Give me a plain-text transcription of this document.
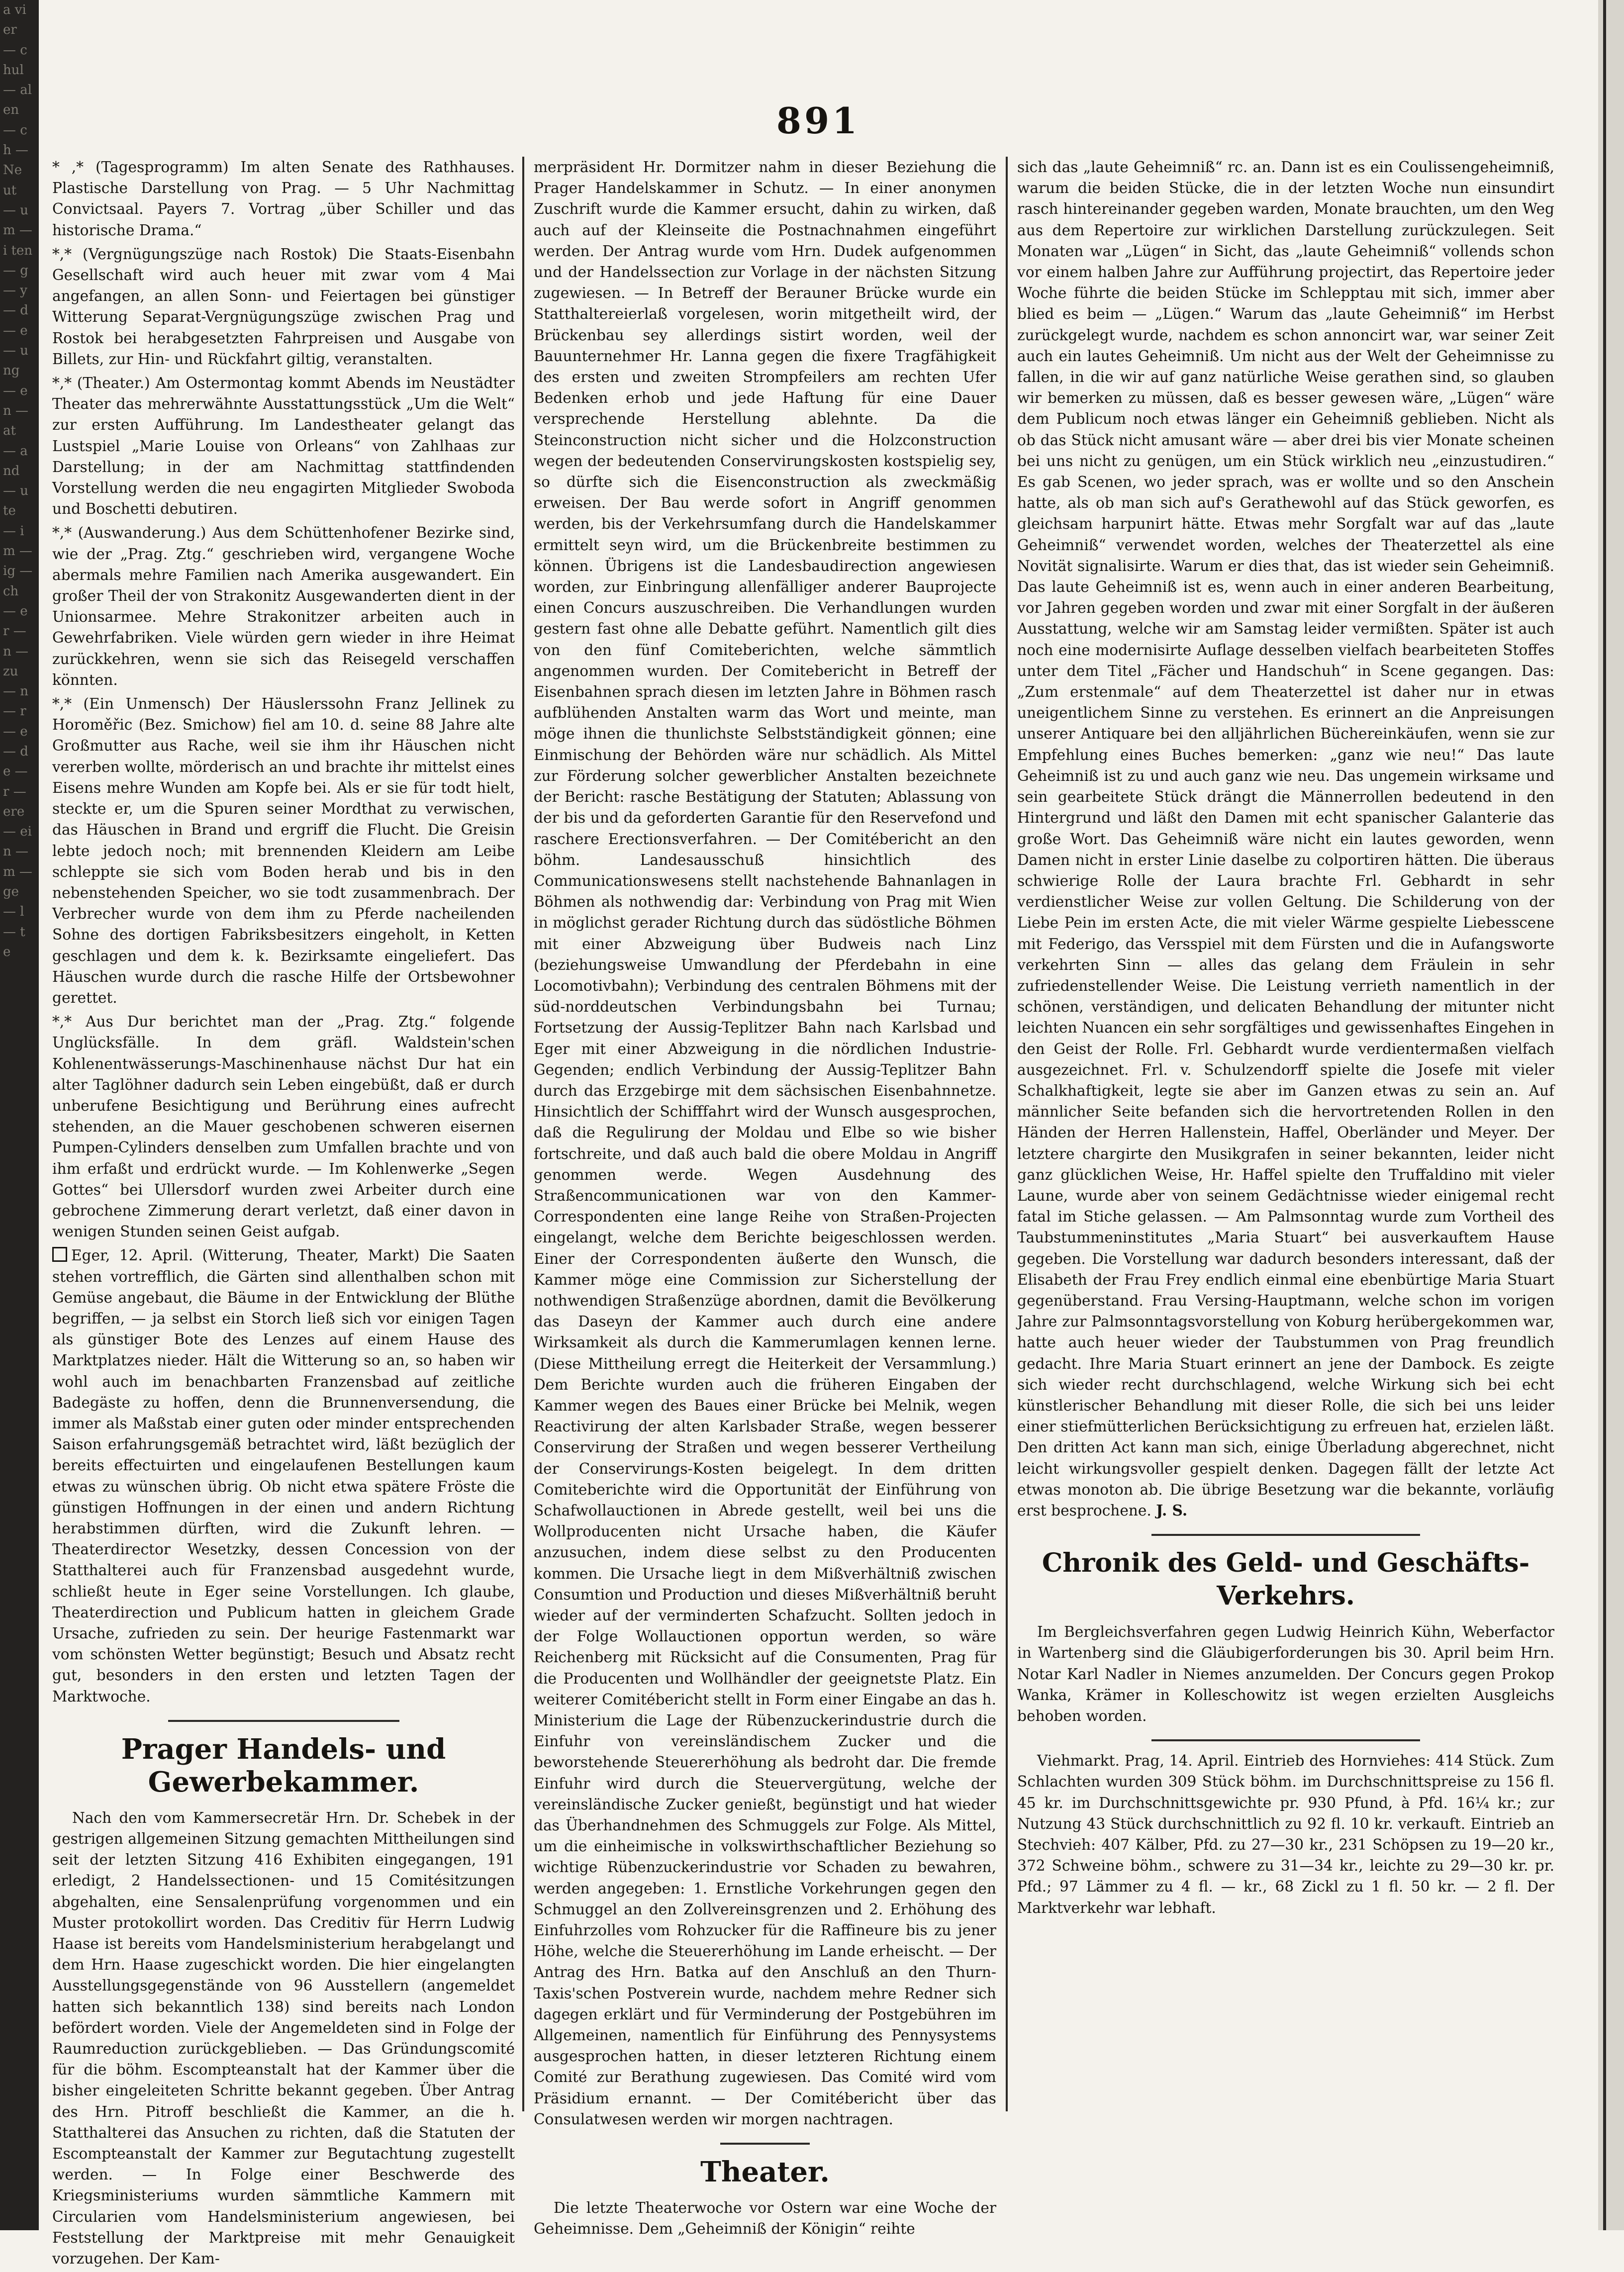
a vier — chul — alen — ch — Ne ut — um — i ten — g — y — d — e — ung — en — at — and — ute — im — ig — ch — er — n — zu — n — r — e — de — r — ere — ein — m — ge — l — te
891

* ,* (Tagesprogramm) Im alten Senate des Rathhauses. Plastische Darstellung von Prag. — 5 Uhr Nachmittag Convictsaal. Payers 7. Vortrag „über Schiller und das historische Drama.“

*,* (Vergnügungszüge nach Rostok) Die Staats-Eisenbahn Gesellschaft wird auch heuer mit zwar vom 4 Mai angefangen, an allen Sonn- und Feiertagen bei günstiger Witterung Separat-Vergnügungszüge zwischen Prag und Rostok bei herabgesetzten Fahrpreisen und Ausgabe von Billets, zur Hin- und Rückfahrt giltig, veranstalten.

*,* (Theater.) Am Ostermontag kommt Abends im Neustädter Theater das mehrerwähnte Ausstattungsstück „Um die Welt“ zur ersten Aufführung. Im Landestheater gelangt das Lustspiel „Marie Louise von Orleans“ von Zahlhaas zur Darstellung; in der am Nachmittag stattfindenden Vorstellung werden die neu engagirten Mitglieder Swoboda und Boschetti debutiren.

*,* (Auswanderung.) Aus dem Schüttenhofener Bezirke sind, wie der „Prag. Ztg.“ geschrieben wird, vergangene Woche abermals mehre Familien nach Amerika ausgewandert. Ein großer Theil der von Strakonitz Ausgewanderten dient in der Unionsarmee. Mehre Strakonitzer arbeiten auch in Gewehrfabriken. Viele würden gern wieder in ihre Heimat zurückkehren, wenn sie sich das Reisegeld verschaffen könnten.

*,* (Ein Unmensch) Der Häuslerssohn Franz Jellinek zu Horoměřic (Bez. Smichow) fiel am 10. d. seine 88 Jahre alte Großmutter aus Rache, weil sie ihm ihr Häuschen nicht vererben wollte, mörderisch an und brachte ihr mittelst eines Eisens mehre Wunden am Kopfe bei. Als er sie für todt hielt, steckte er, um die Spuren seiner Mordthat zu verwischen, das Häuschen in Brand und ergriff die Flucht. Die Greisin lebte jedoch noch; mit brennenden Kleidern am Leibe schleppte sie sich vom Boden herab und bis in den nebenstehenden Speicher, wo sie todt zusammenbrach. Der Verbrecher wurde von dem ihm zu Pferde nacheilenden Sohne des dortigen Fabriksbesitzers eingeholt, in Ketten geschlagen und dem k. k. Bezirksamte eingeliefert. Das Häuschen wurde durch die rasche Hilfe der Ortsbewohner gerettet.

*,* Aus Dur berichtet man der „Prag. Ztg.“ folgende Unglücksfälle. In dem gräfl. Waldstein'schen Kohlenentwässerungs-Maschinenhause nächst Dur hat ein alter Taglöhner dadurch sein Leben eingebüßt, daß er durch unberufene Besichtigung und Berührung eines aufrecht stehenden, an die Mauer geschobenen schweren eisernen Pumpen-Cylinders denselben zum Umfallen brachte und von ihm erfaßt und erdrückt wurde. — Im Kohlenwerke „Segen Gottes“ bei Ullersdorf wurden zwei Arbeiter durch eine gebrochene Zimmerung derart verletzt, daß einer davon in wenigen Stunden seinen Geist aufgab.

Eger, 12. April. (Witterung, Theater, Markt) Die Saaten stehen vortrefflich, die Gärten sind allenthalben schon mit Gemüse angebaut, die Bäume in der Entwicklung der Blüthe begriffen, — ja selbst ein Storch ließ sich vor einigen Tagen als günstiger Bote des Lenzes auf einem Hause des Marktplatzes nieder. Hält die Witterung so an, so haben wir wohl auch im benachbarten Franzensbad auf zeitliche Badegäste zu hoffen, denn die Brunnenversendung, die immer als Maßstab einer guten oder minder entsprechenden Saison erfahrungsgemäß betrachtet wird, läßt bezüglich der bereits effectuirten und eingelaufenen Bestellungen kaum etwas zu wünschen übrig. Ob nicht etwa spätere Fröste die günstigen Hoffnungen in der einen und andern Richtung herabstimmen dürften, wird die Zukunft lehren. — Theaterdirector Wesetzky, dessen Concession von der Statthalterei auch für Franzensbad ausgedehnt wurde, schließt heute in Eger seine Vorstellungen. Ich glaube, Theaterdirection und Publicum hatten in gleichem Grade Ursache, zufrieden zu sein. Der heurige Fastenmarkt war vom schönsten Wetter begünstigt; Besuch und Absatz recht gut, besonders in den ersten und letzten Tagen der Marktwoche.

Prager Handels- und Gewerbekammer.

Nach den vom Kammersecretär Hrn. Dr. Schebek in der gestrigen allgemeinen Sitzung gemachten Mittheilungen sind seit der letzten Sitzung 416 Exhibiten eingegangen, 191 erledigt, 2 Handelssectionen- und 15 Comitésitzungen abgehalten, eine Sensalenprüfung vorgenommen und ein Muster protokollirt worden. Das Creditiv für Herrn Ludwig Haase ist bereits vom Handelsministerium herabgelangt und dem Hrn. Haase zugeschickt worden. Die hier eingelangten Ausstellungsgegenstände von 96 Ausstellern (angemeldet hatten sich bekanntlich 138) sind bereits nach London befördert worden. Viele der Angemeldeten sind in Folge der Raumreduction zurückgeblieben. — Das Gründungscomité für die böhm. Escompteanstalt hat der Kammer über die bisher eingeleiteten Schritte bekannt gegeben. Über Antrag des Hrn. Pitroff beschließt die Kammer, an die h. Statthalterei das Ansuchen zu richten, daß die Statuten der Escompteanstalt der Kammer zur Begutachtung zugestellt werden. — In Folge einer Beschwerde des Kriegsministeriums wurden sämmtliche Kammern mit Circularien vom Handelsministerium angewiesen, bei Feststellung der Marktpreise mit mehr Genauigkeit vorzugehen. Der Kam-

merpräsident Hr. Dormitzer nahm in dieser Beziehung die Prager Handelskammer in Schutz. — In einer anonymen Zuschrift wurde die Kammer ersucht, dahin zu wirken, daß auch auf der Kleinseite die Postnachnahmen eingeführt werden. Der Antrag wurde vom Hrn. Dudek aufgenommen und der Handelssection zur Vorlage in der nächsten Sitzung zugewiesen. — In Betreff der Berauner Brücke wurde ein Statthaltereierlaß vorgelesen, worin mitgetheilt wird, der Brückenbau sey allerdings sistirt worden, weil der Bauunternehmer Hr. Lanna gegen die fixere Tragfähigkeit des ersten und zweiten Strompfeilers am rechten Ufer Bedenken erhob und jede Haftung für eine Dauer versprechende Herstellung ablehnte. Da die Steinconstruction nicht sicher und die Holzconstruction wegen der bedeutenden Conservirungskosten kostspielig sey, so dürfte sich die Eisenconstruction als zweckmäßig erweisen. Der Bau werde sofort in Angriff genommen werden, bis der Verkehrsumfang durch die Handelskammer ermittelt seyn wird, um die Brückenbreite bestimmen zu können. Übrigens ist die Landesbaudirection angewiesen worden, zur Einbringung allenfälliger anderer Bauprojecte einen Concurs auszuschreiben. Die Verhandlungen wurden gestern fast ohne alle Debatte geführt. Namentlich gilt dies von den fünf Comiteberichten, welche sämmtlich angenommen wurden. Der Comitebericht in Betreff der Eisenbahnen sprach diesen im letzten Jahre in Böhmen rasch aufblühenden Anstalten warm das Wort und meinte, man möge ihnen die thunlichste Selbstständigkeit gönnen; eine Einmischung der Behörden wäre nur schädlich. Als Mittel zur Förderung solcher gewerblicher Anstalten bezeichnete der Bericht: rasche Bestätigung der Statuten; Ablassung von der bis und da geforderten Garantie für den Reservefond und raschere Erectionsverfahren. — Der Comitébericht an den böhm. Landesausschuß hinsichtlich des Communicationswesens stellt nachstehende Bahnanlagen in Böhmen als nothwendig dar: Verbindung von Prag mit Wien in möglichst gerader Richtung durch das südöstliche Böhmen mit einer Abzweigung über Budweis nach Linz (beziehungsweise Umwandlung der Pferdebahn in eine Locomotivbahn); Verbindung des centralen Böhmens mit der süd-norddeutschen Verbindungsbahn bei Turnau; Fortsetzung der Aussig-Teplitzer Bahn nach Karlsbad und Eger mit einer Abzweigung in die nördlichen Industrie-Gegenden; endlich Verbindung der Aussig-Teplitzer Bahn durch das Erzgebirge mit dem sächsischen Eisenbahnnetze. Hinsichtlich der Schifffahrt wird der Wunsch ausgesprochen, daß die Regulirung der Moldau und Elbe so wie bisher fortschreite, und daß auch bald die obere Moldau in Angriff genommen werde. Wegen Ausdehnung des Straßencommunicationen war von den Kammer-Correspondenten eine lange Reihe von Straßen-Projecten eingelangt, welche dem Berichte beigeschlossen werden. Einer der Correspondenten äußerte den Wunsch, die Kammer möge eine Commission zur Sicherstellung der nothwendigen Straßenzüge abordnen, damit die Bevölkerung das Daseyn der Kammer auch durch eine andere Wirksamkeit als durch die Kammerumlagen kennen lerne. (Diese Mittheilung erregt die Heiterkeit der Versammlung.) Dem Berichte wurden auch die früheren Eingaben der Kammer wegen des Baues einer Brücke bei Melnik, wegen Reactivirung der alten Karlsbader Straße, wegen besserer Conservirung der Straßen und wegen besserer Vertheilung der Conservirungs-Kosten beigelegt. In dem dritten Comiteberichte wird die Opportunität der Einführung von Schafwollauctionen in Abrede gestellt, weil bei uns die Wollproducenten nicht Ursache haben, die Käufer anzusuchen, indem diese selbst zu den Producenten kommen. Die Ursache liegt in dem Mißverhältniß zwischen Consumtion und Production und dieses Mißverhältniß beruht wieder auf der verminderten Schafzucht. Sollten jedoch in der Folge Wollauctionen opportun werden, so wäre Reichenberg mit Rücksicht auf die Consumenten, Prag für die Producenten und Wollhändler der geeignetste Platz. Ein weiterer Comitébericht stellt in Form einer Eingabe an das h. Ministerium die Lage der Rübenzuckerindustrie durch die Einfuhr von vereinsländischem Zucker und die beworstehende Steuererhöhung als bedroht dar. Die fremde Einfuhr wird durch die Steuervergütung, welche der vereinsländische Zucker genießt, begünstigt und hat wieder das Überhandnehmen des Schmuggels zur Folge. Als Mittel, um die einheimische in volkswirthschaftlicher Beziehung so wichtige Rübenzuckerindustrie vor Schaden zu bewahren, werden angegeben: 1. Ernstliche Vorkehrungen gegen den Schmuggel an den Zollvereinsgrenzen und 2. Erhöhung des Einfuhrzolles vom Rohzucker für die Raffineure bis zu jener Höhe, welche die Steuererhöhung im Lande erheischt. — Der Antrag des Hrn. Batka auf den Anschluß an den Thurn-Taxis'schen Postverein wurde, nachdem mehre Redner sich dagegen erklärt und für Verminderung der Postgebühren im Allgemeinen, namentlich für Einführung des Pennysystems ausgesprochen hatten, in dieser letzteren Richtung einem Comité zur Berathung zugewiesen. Das Comité wird vom Präsidium ernannt. — Der Comitébericht über das Consulatwesen werden wir morgen nachtragen.

Theater.

Die letzte Theaterwoche vor Ostern war eine Woche der Geheimnisse. Dem „Geheimniß der Königin“ reihte

sich das „laute Geheimniß“ rc. an. Dann ist es ein Coulissengeheimniß, warum die beiden Stücke, die in der letzten Woche nun einsundirt rasch hintereinander gegeben warden, Monate brauchten, um den Weg aus dem Repertoire zur wirklichen Darstellung zurückzulegen. Seit Monaten war „Lügen“ in Sicht, das „laute Geheimniß“ vollends schon vor einem halben Jahre zur Aufführung projectirt, das Repertoire jeder Woche führte die beiden Stücke im Schlepptau mit sich, immer aber blied es beim — „Lügen.“ Warum das „laute Geheimniß“ im Herbst zurückgelegt wurde, nachdem es schon annoncirt war, war seiner Zeit auch ein lautes Geheimniß. Um nicht aus der Welt der Geheimnisse zu fallen, in die wir auf ganz natürliche Weise gerathen sind, so glauben wir bemerken zu müssen, daß es besser gewesen wäre, „Lügen“ wäre dem Publicum noch etwas länger ein Geheimniß geblieben. Nicht als ob das Stück nicht amusant wäre — aber drei bis vier Monate scheinen bei uns nicht zu genügen, um ein Stück wirklich neu „einzustudiren.“ Es gab Scenen, wo jeder sprach, was er wollte und so den Anschein hatte, als ob man sich auf's Gerathewohl auf das Stück geworfen, es gleichsam harpunirt hätte. Etwas mehr Sorgfalt war auf das „laute Geheimniß“ verwendet worden, welches der Theaterzettel als eine Novität signalisirte. Warum er dies that, das ist wieder sein Geheimniß. Das laute Geheimniß ist es, wenn auch in einer anderen Bearbeitung, vor Jahren gegeben worden und zwar mit einer Sorgfalt in der äußeren Ausstattung, welche wir am Samstag leider vermißten. Später ist auch noch eine modernisirte Auflage desselben vielfach bearbeiteten Stoffes unter dem Titel „Fächer und Handschuh“ in Scene gegangen. Das: „Zum erstenmale“ auf dem Theaterzettel ist daher nur in etwas uneigentlichem Sinne zu verstehen. Es erinnert an die Anpreisungen unserer Antiquare bei den alljährlichen Büchereinkäufen, wenn sie zur Empfehlung eines Buches bemerken: „ganz wie neu!“ Das laute Geheimniß ist zu und auch ganz wie neu. Das ungemein wirksame und sein gearbeitete Stück drängt die Männerrollen bedeutend in den Hintergrund und läßt den Damen mit echt spanischer Galanterie das große Wort. Das Geheimniß wäre nicht ein lautes geworden, wenn Damen nicht in erster Linie daselbe zu colportiren hätten. Die überaus schwierige Rolle der Laura brachte Frl. Gebhardt in sehr verdienstlicher Weise zur vollen Geltung. Die Schilderung von der Liebe Pein im ersten Acte, die mit vieler Wärme gespielte Liebesscene mit Federigo, das Versspiel mit dem Fürsten und die in Aufangsworte verkehrten Sinn — alles das gelang dem Fräulein in sehr zufriedenstellender Weise. Die Leistung verrieth namentlich in der schönen, verständigen, und delicaten Behandlung der mitunter nicht leichten Nuancen ein sehr sorgfältiges und gewissenhaftes Eingehen in den Geist der Rolle. Frl. Gebhardt wurde verdientermaßen vielfach ausgezeichnet. Frl. v. Schulzendorff spielte die Josefe mit vieler Schalkhaftigkeit, legte sie aber im Ganzen etwas zu sein an. Auf männlicher Seite befanden sich die hervortretenden Rollen in den Händen der Herren Hallenstein, Haffel, Oberländer und Meyer. Der letztere chargirte den Musikgrafen in seiner bekannten, leider nicht ganz glücklichen Weise, Hr. Haffel spielte den Truffaldino mit vieler Laune, wurde aber von seinem Gedächtnisse wieder einigemal recht fatal im Stiche gelassen. — Am Palmsonntag wurde zum Vortheil des Taubstummeninstitutes „Maria Stuart“ bei ausverkauftem Hause gegeben. Die Vorstellung war dadurch besonders interessant, daß der Elisabeth der Frau Frey endlich einmal eine ebenbürtige Maria Stuart gegenüberstand. Frau Versing-Hauptmann, welche schon im vorigen Jahre zur Palmsonntagsvorstellung von Koburg herübergekommen war, hatte auch heuer wieder der Taubstummen von Prag freundlich gedacht. Ihre Maria Stuart erinnert an jene der Dambock. Es zeigte sich wieder recht durchschlagend, welche Wirkung sich bei echt künstlerischer Behandlung mit dieser Rolle, die sich bei uns leider einer stiefmütterlichen Berücksichtigung zu erfreuen hat, erzielen läßt. Den dritten Act kann man sich, einige Überladung abgerechnet, nicht leicht wirkungsvoller gespielt denken. Dagegen fällt der letzte Act etwas monoton ab. Die übrige Besetzung war die bekannte, vorläufig erst besprochene. J. S.

Chronik des Geld- und Geschäfts-Verkehrs.

Im Bergleichsverfahren gegen Ludwig Heinrich Kühn, Weberfactor in Wartenberg sind die Gläubigerforderungen bis 30. April beim Hrn. Notar Karl Nadler in Niemes anzumelden. Der Concurs gegen Prokop Wanka, Krämer in Kolleschowitz ist wegen erzielten Ausgleichs behoben worden.

Viehmarkt. Prag, 14. April. Eintrieb des Hornviehes: 414 Stück. Zum Schlachten wurden 309 Stück böhm. im Durchschnittspreise zu 156 fl. 45 kr. im Durchschnittsgewichte pr. 930 Pfund, à Pfd. 16¼ kr.; zur Nutzung 43 Stück durchschnittlich zu 92 fl. 10 kr. verkauft. Eintrieb an Stechvieh: 407 Kälber, Pfd. zu 27—30 kr., 231 Schöpsen zu 19—20 kr., 372 Schweine böhm., schwere zu 31—34 kr., leichte zu 29—30 kr. pr. Pfd.; 97 Lämmer zu 4 fl. — kr., 68 Zickl zu 1 fl. 50 kr. — 2 fl. Der Marktverkehr war lebhaft.
